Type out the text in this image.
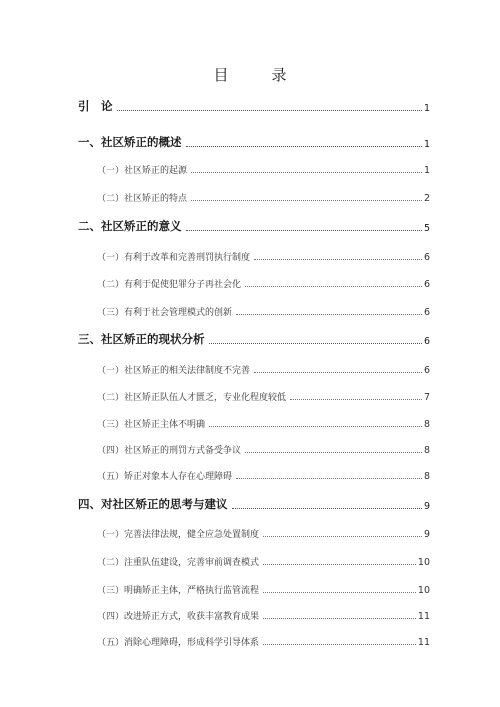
目　录
引　论	1
一、社区矫正的概述	1
（一）社区矫正的起源	1
（二）社区矫正的特点	2
二、社区矫正的意义	5
（一）有利于改革和完善刑罚执行制度	6
（二）有利于促使犯罪分子再社会化	6
（三）有利于社会管理模式的创新	6
三、社区矫正的现状分析	6
（一）社区矫正的相关法律制度不完善	6
（二）社区矫正队伍人才匮乏，专业化程度较低	7
（三）社区矫正主体不明确	8
（四）社区矫正的刑罚方式备受争议	8
（五）矫正对象本人存在心理障碍	8
四、对社区矫正的思考与建议	9
（一）完善法律法规，健全应急处置制度	9
（二）注重队伍建设，完善审前调查模式	10
（三）明确矫正主体，严格执行监管流程	10
（四）改进矫正方式，收获丰富教育成果	11
（五）消除心理障碍，形成科学引导体系	11
